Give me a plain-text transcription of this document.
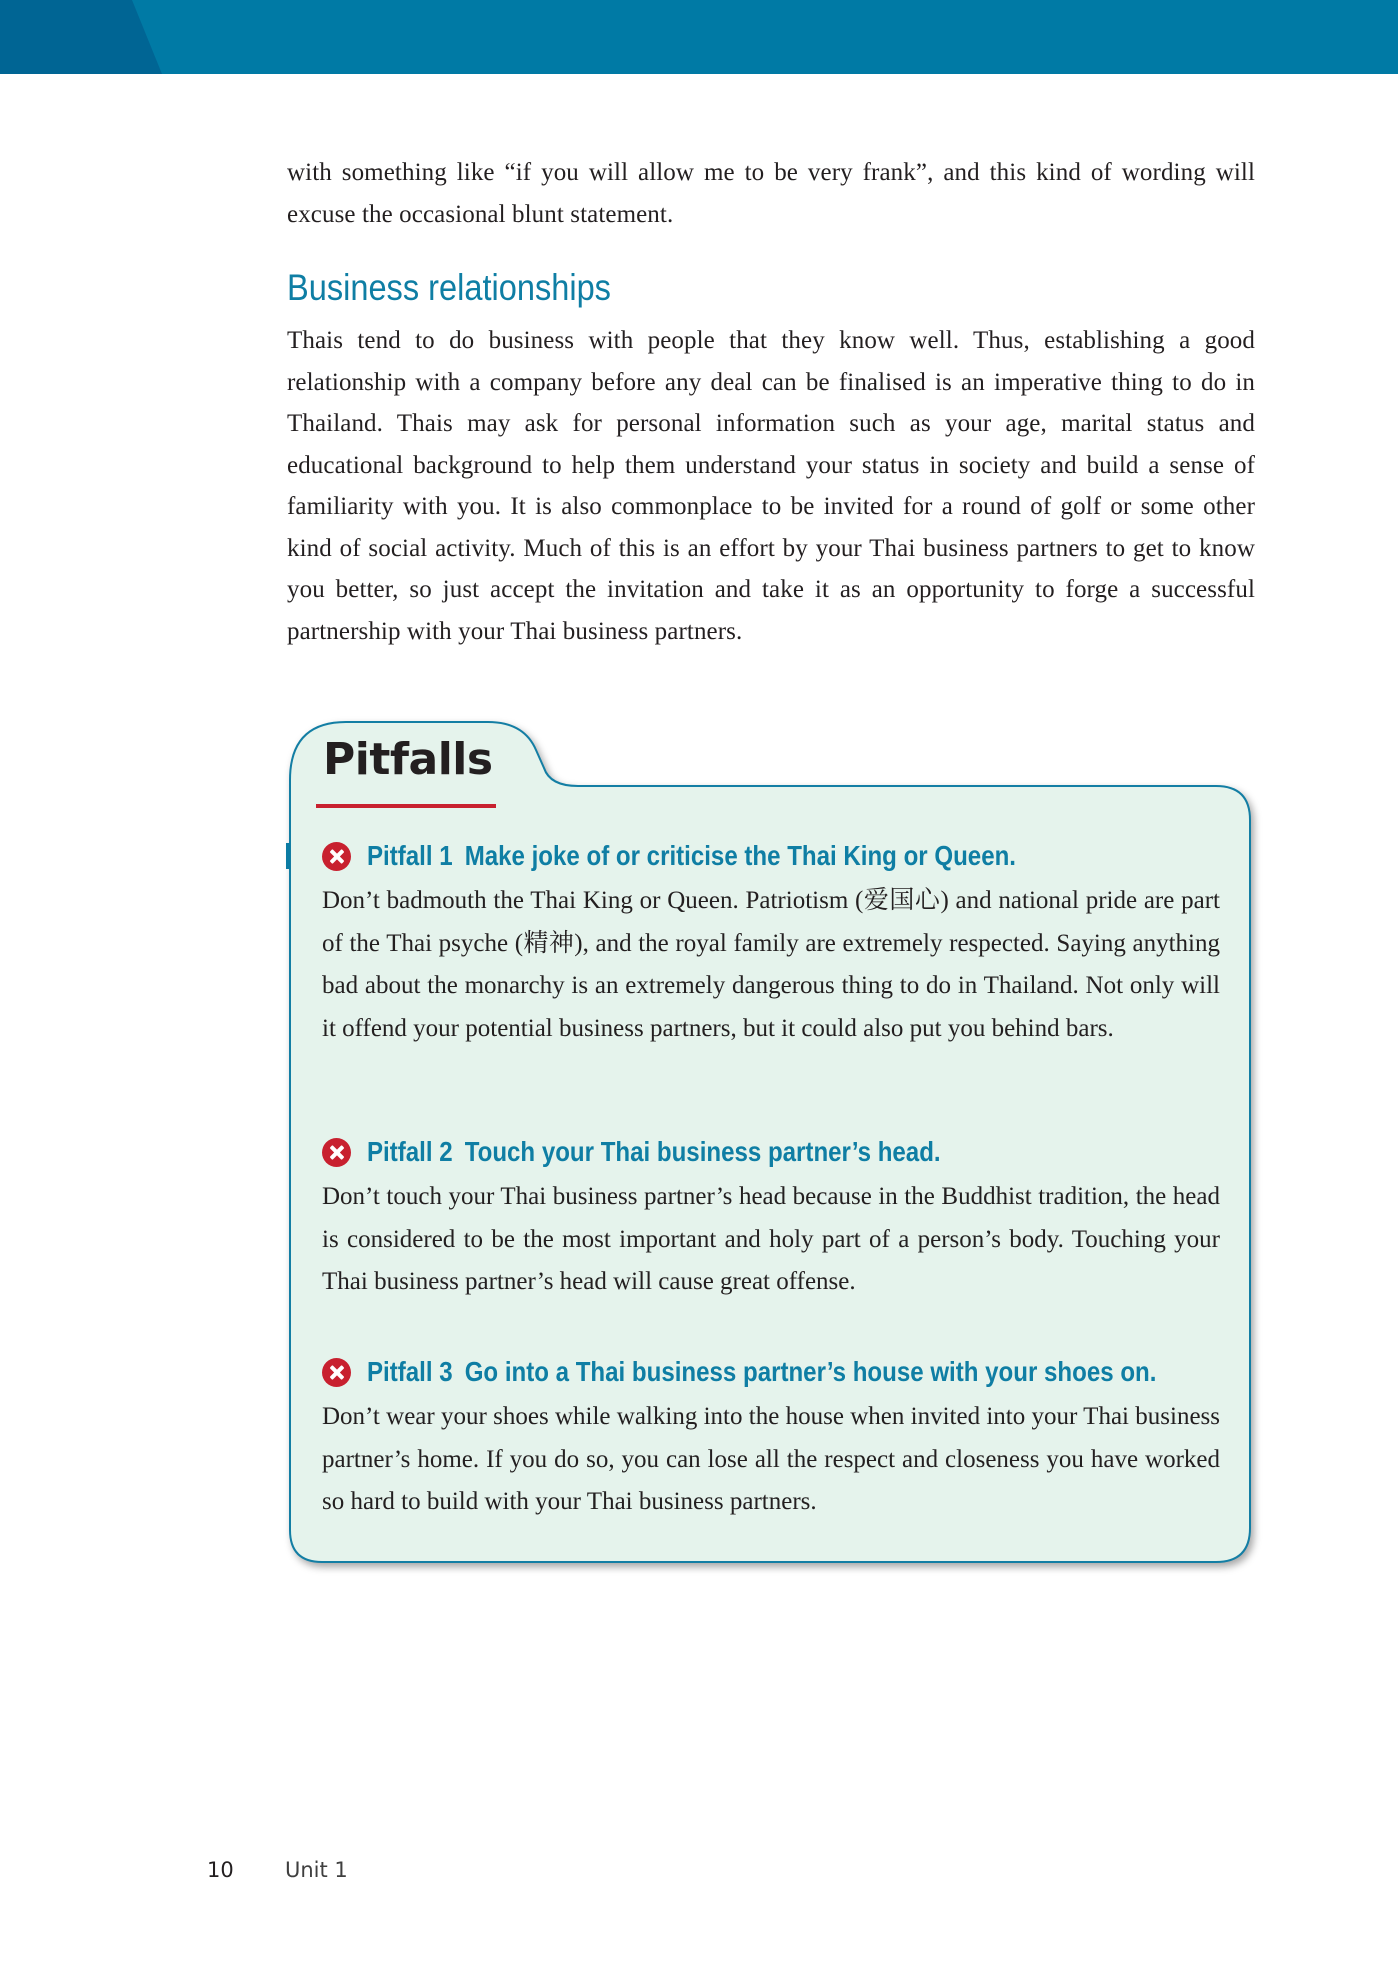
with something like “if you will allow me to be very frank”, and this kind of wording will excuse the occasional blunt statement.

Business relationships

Thais tend to do business with people that they know well. Thus, establishing a good relationship with a company before any deal can be finalised is an imperative thing to do in Thailand. Thais may ask for personal information such as your age, marital status and educational background to help them understand your status in society and build a sense of familiarity with you. It is also commonplace to be invited for a round of golf or some other kind of social activity. Much of this is an effort by your Thai business partners to get to know you better, so just accept the invitation and take it as an opportunity to forge a successful partnership with your Thai business partners.

Pitfalls
Pitfall 1 Make joke of or criticise the Thai King or Queen.

Don’t badmouth the Thai King or Queen. Patriotism (爱国心) and national pride are part of the Thai psyche (精神), and the royal family are extremely respected. Saying anything bad about the monarchy is an extremely dangerous thing to do in Thailand. Not only will it offend your potential business partners, but it could also put you behind bars.

Pitfall 2 Touch your Thai business partner’s head.

Don’t touch your Thai business partner’s head because in the Buddhist tradition, the head is considered to be the most important and holy part of a person’s body. Touching your Thai business partner’s head will cause great offense.

Pitfall 3 Go into a Thai business partner’s house with your shoes on.

Don’t wear your shoes while walking into the house when invited into your Thai business partner’s home. If you do so, you can lose all the respect and closeness you have worked so hard to build with your Thai business partners.

10 Unit 1
